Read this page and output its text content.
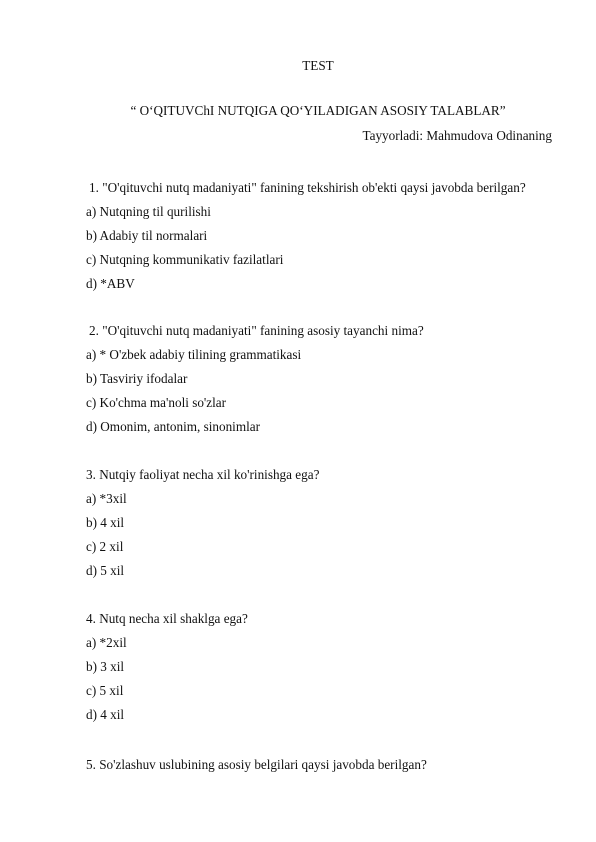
TEST
“ O‘QITUVChI NUTQIGA QO‘YILADIGAN ASOSIY TALABLAR”
Tayyorladi: Mahmudova Odinaning
1. "O'qituvchi nutq madaniyati" fanining tekshirish ob'ekti qaysi javobda berilgan?
a) Nutqning til qurilishi
b) Adabiy til normalari
c) Nutqning kommunikativ fazilatlari
d) *ABV
2. "O'qituvchi nutq madaniyati" fanining asosiy tayanchi nima?
a) * O'zbek adabiy tilining grammatikasi
b) Tasviriy ifodalar
c) Ko'chma ma'noli so'zlar
d) Omonim, antonim, sinonimlar
3. Nutqiy faoliyat necha xil ko'rinishga ega?
a) *3xil
b) 4 xil
c) 2 xil
d) 5 xil
4. Nutq necha xil shaklga ega?
a) *2xil
b) 3 xil
c) 5 xil
d) 4 xil
5. So'zlashuv uslubining asosiy belgilari qaysi javobda berilgan?
